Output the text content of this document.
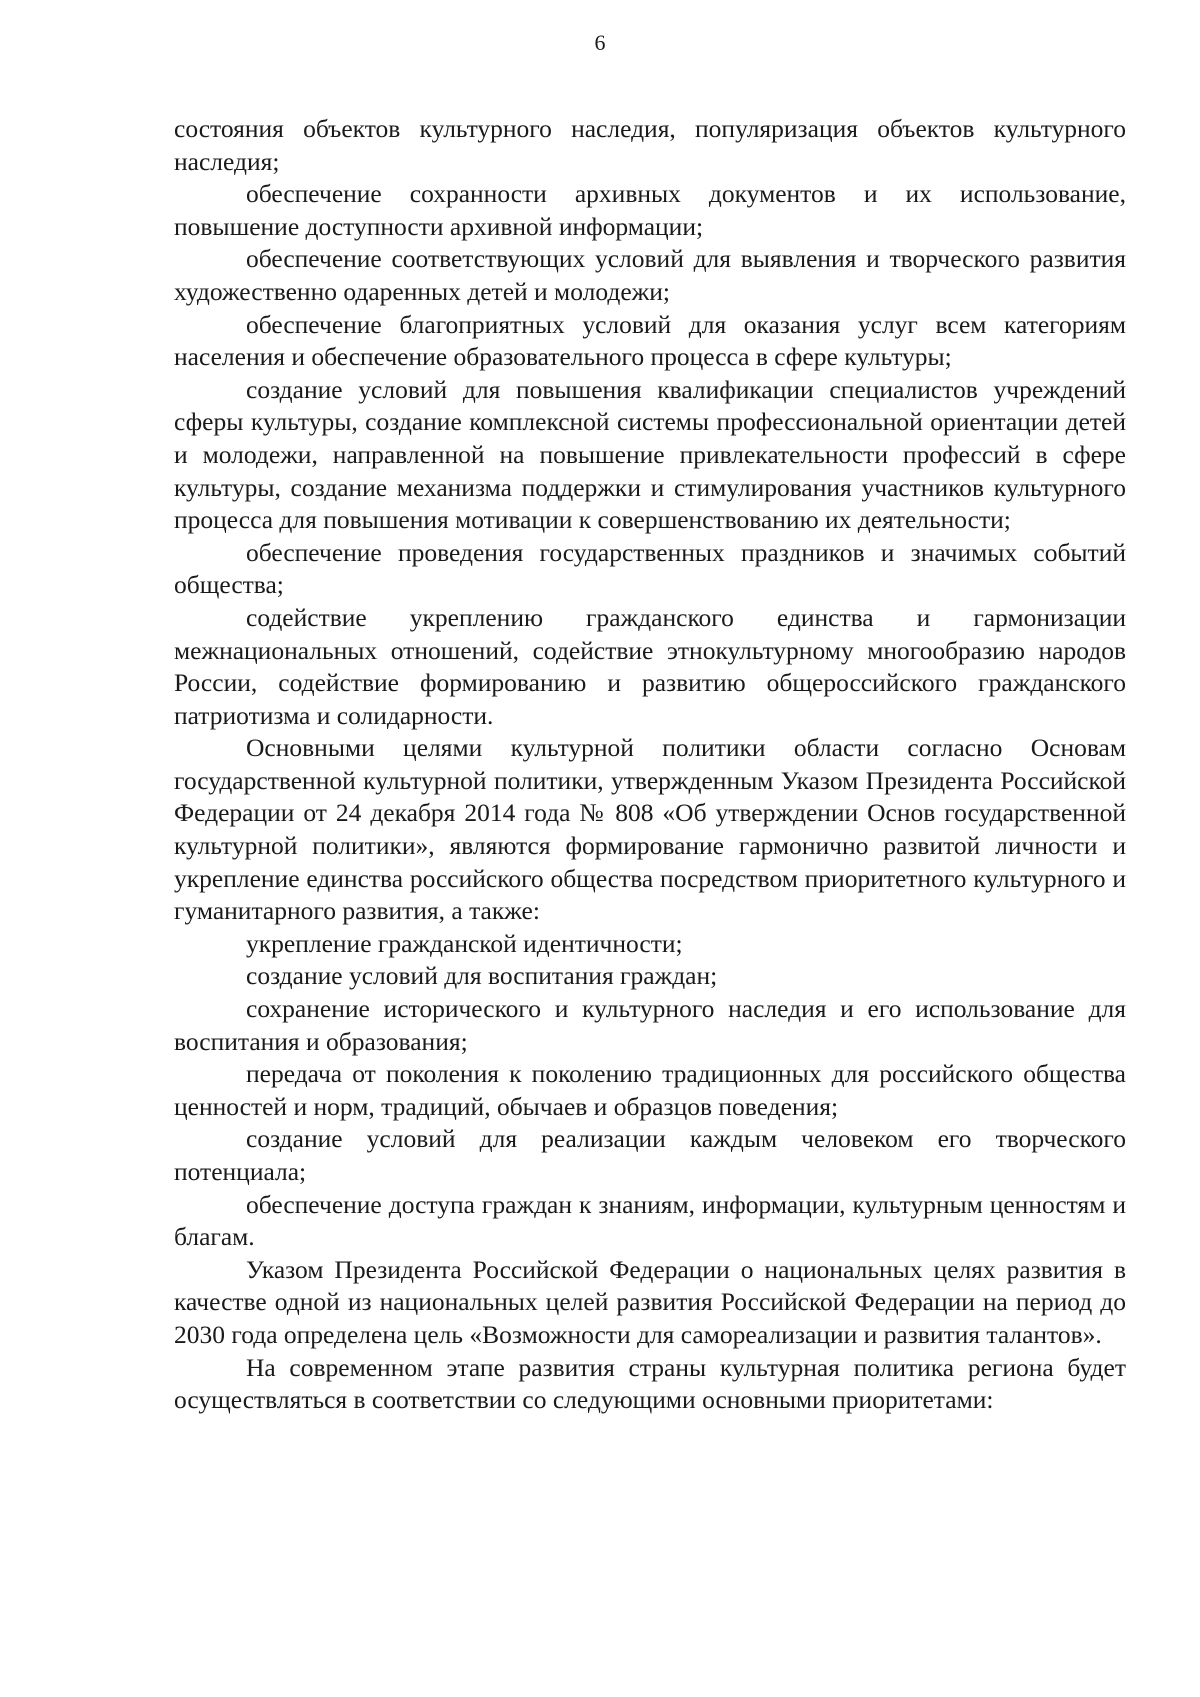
6

состояния объектов культурного наследия, популяризация объектов культурного наследия;

обеспечение сохранности архивных документов и их использование, повышение доступности архивной информации;

обеспечение соответствующих условий для выявления и творческого развития художественно одаренных детей и молодежи;

обеспечение благоприятных условий для оказания услуг всем категориям населения и обеспечение образовательного процесса в сфере культуры;

создание условий для повышения квалификации специалистов учреждений сферы культуры, создание комплексной системы профессиональной ориентации детей и молодежи, направленной на повышение привлекательности профессий в сфере культуры, создание механизма поддержки и стимулирования участников культурного процесса для повышения мотивации к совершенствованию их деятельности;

обеспечение проведения государственных праздников и значимых событий общества;

содействие укреплению гражданского единства и гармонизации межнациональных отношений, содействие этнокультурному многообразию народов России, содействие формированию и развитию общероссийского гражданского патриотизма и солидарности.

Основными целями культурной политики области согласно Основам государственной культурной политики, утвержденным Указом Президента Российской Федерации от 24 декабря 2014 года № 808 «Об утверждении Основ государственной культурной политики», являются формирование гармонично развитой личности и укрепление единства российского общества посредством приоритетного культурного и гуманитарного развития, а также:

укрепление гражданской идентичности;

создание условий для воспитания граждан;

сохранение исторического и культурного наследия и его использование для воспитания и образования;

передача от поколения к поколению традиционных для российского общества ценностей и норм, традиций, обычаев и образцов поведения;

создание условий для реализации каждым человеком его творческого потенциала;

обеспечение доступа граждан к знаниям, информации, культурным ценностям и благам.

Указом Президента Российской Федерации о национальных целях развития в качестве одной из национальных целей развития Российской Федерации на период до 2030 года определена цель «Возможности для самореализации и развития талантов».

На современном этапе развития страны культурная политика региона будет осуществляться в соответствии со следующими основными приоритетами:
